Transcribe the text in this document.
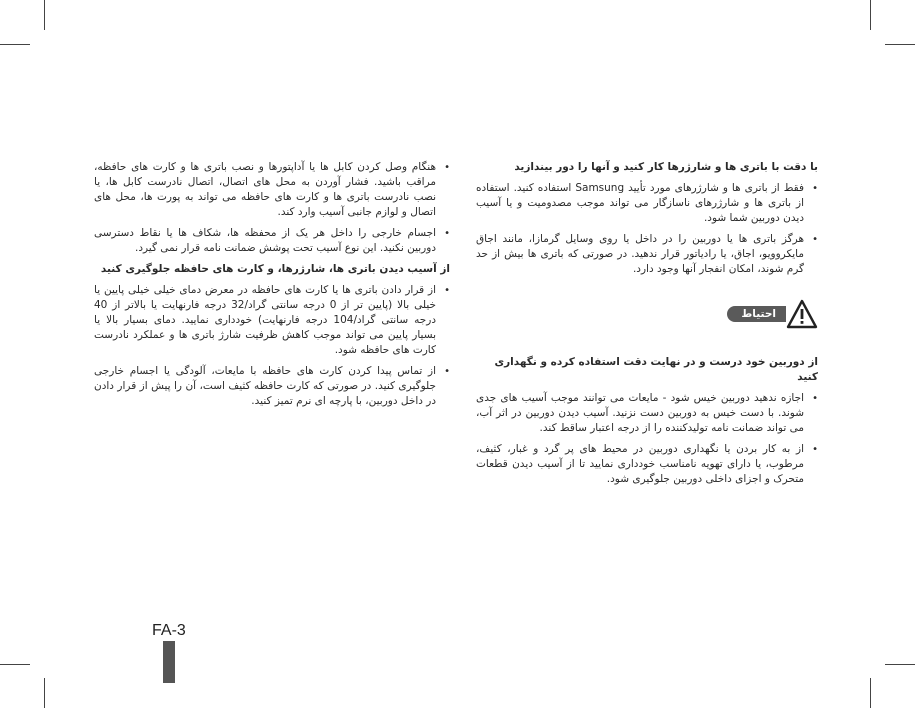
با دقت با باتری ها و شارژرها کار کنید و آنها را دور بیندازید
•
فقط از باتری ها و شارژرهای مورد تأیید Samsung استفاده کنید. استفاده از باتری ها و شارژرهای ناسازگار می تواند موجب مصدومیت و یا آسیب دیدن دوربین شما شود.
•
هرگز باتری ها یا دوربین را در داخل یا روی وسایل گرمازا، مانند اجاق مایکروویو، اجاق، یا رادیاتور قرار ندهید. در صورتی که باتری ها بیش از حد گرم شوند، امکان انفجار آنها وجود دارد.
احتیاط
از دوربین خود درست و در نهایت دقت استفاده کرده و نگهداری کنید
•
اجازه ندهید دوربین خیس شود - مایعات می توانند موجب آسیب های جدی شوند. با دست خیس به دوربین دست نزنید. آسیب دیدن دوربین در اثر آب، می تواند ضمانت نامه تولیدکننده را از درجه اعتبار ساقط کند.
•
از به کار بردن یا نگهداری دوربین در محیط های پر گرد و غبار، کثیف، مرطوب، یا دارای تهویه نامناسب خودداری نمایید تا از آسیب دیدن قطعات متحرک و اجزای داخلی دوربین جلوگیری شود.
•
هنگام وصل کردن کابل ها یا آداپتورها و نصب باتری ها و کارت های حافظه، مراقب باشید. فشار آوردن به محل های اتصال، اتصال نادرست کابل ها، یا نصب نادرست باتری ها و کارت های حافظه می تواند به پورت ها، محل های اتصال و لوازم جانبی آسیب وارد کند.
•
اجسام خارجی را داخل هر یک از محفظه ها، شکاف ها یا نقاط دسترسی دوربین نکنید. این نوع آسیب تحت پوشش ضمانت نامه قرار نمی گیرد.
از آسیب دیدن باتری ها، شارژرها، و کارت های حافظه جلوگیری کنید
•
از قرار دادن باتری ها یا کارت های حافظه در معرض دمای خیلی خیلی پایین یا خیلی بالا (پایین تر از 0 درجه سانتی گراد/32 درجه فارنهایت یا بالاتر از 40 درجه سانتی گراد/104 درجه فارنهایت) خودداری نمایید. دمای بسیار بالا یا بسیار پایین می تواند موجب کاهش ظرفیت شارژ باتری ها و عملکرد نادرست کارت های حافظه شود.
•
از تماس پیدا کردن کارت های حافظه با مایعات، آلودگی یا اجسام خارجی جلوگیری کنید. در صورتی که کارت حافظه کثیف است، آن را پیش از قرار دادن در داخل دوربین، با پارچه ای نرم تمیز کنید.
FA-3
